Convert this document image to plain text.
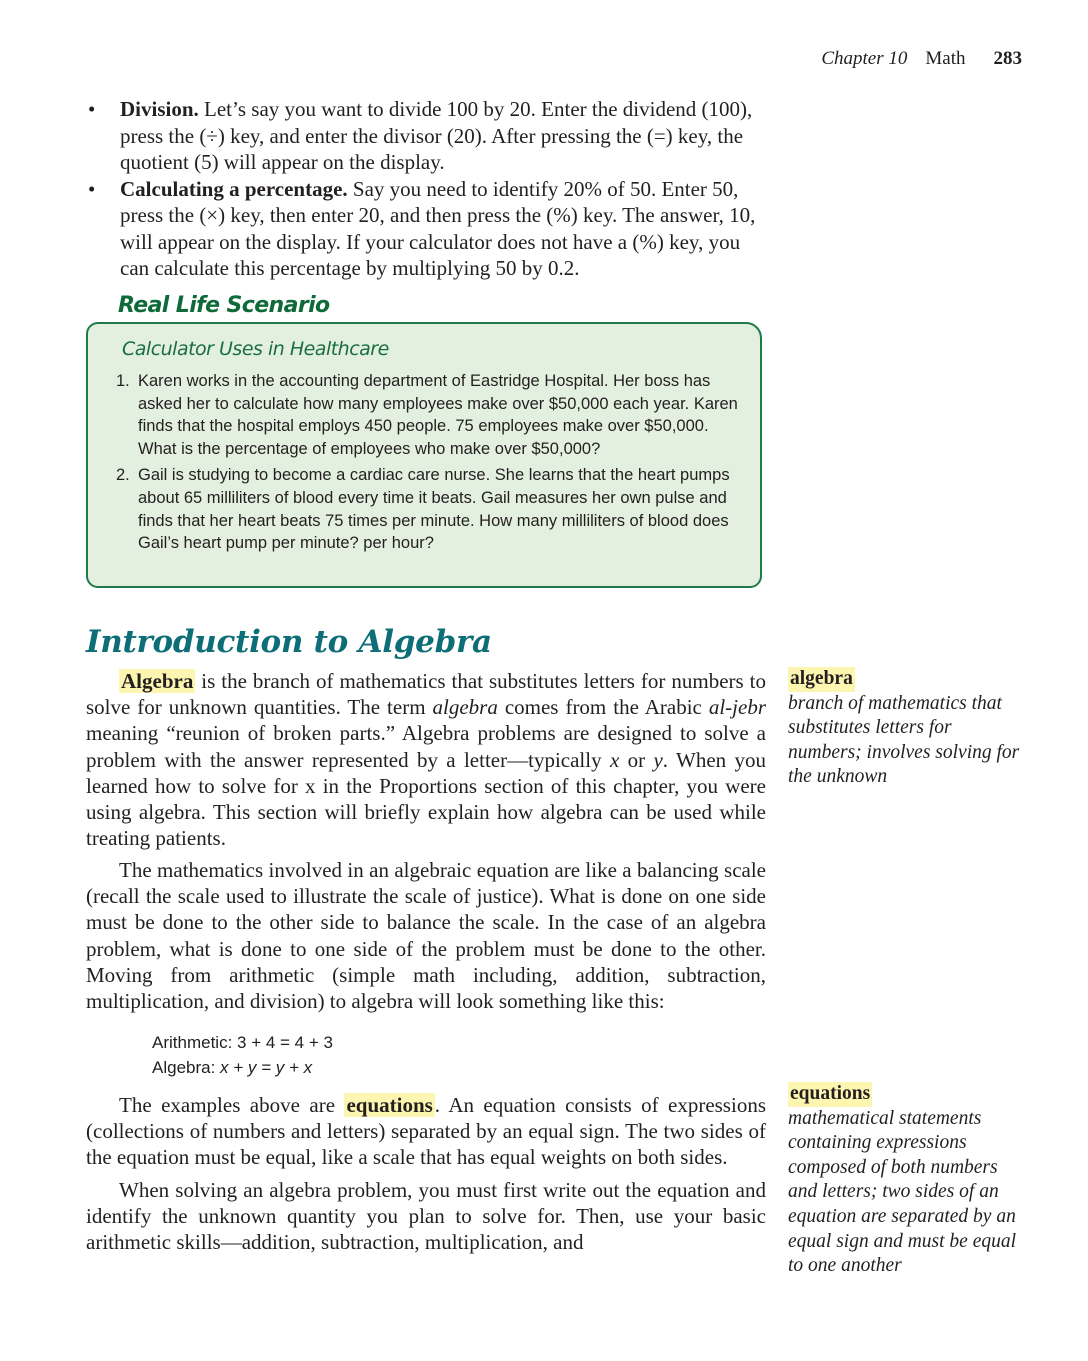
Chapter 10 Math 283
• Division. Let’s say you want to divide 100 by 20. Enter the dividend (100), press the (÷) key, and enter the divisor (20). After pressing the (=) key, the quotient (5) will appear on the display.
• Calculating a percentage. Say you need to identify 20% of 50. Enter 50, press the (×) key, then enter 20, and then press the (%) key. The answer, 10, will appear on the display. If your calculator does not have a (%) key, you can calculate this percentage by multiplying 50 by 0.2.
Real Life Scenario
Calculator Uses in Healthcare
1. Karen works in the accounting department of Eastridge Hospital. Her boss has asked her to calculate how many employees make over $50,000 each year. Karen finds that the hospital employs 450 people. 75 employees make over $50,000. What is the percentage of employees who make over $50,000?
2. Gail is studying to become a cardiac care nurse. She learns that the heart pumps about 65 milliliters of blood every time it beats. Gail measures her own pulse and finds that her heart beats 75 times per minute. How many milliliters of blood does Gail’s heart pump per minute? per hour?
Introduction to Algebra

Algebra is the branch of mathematics that substitutes letters for numbers to solve for unknown quantities. The term algebra comes from the Arabic al-jebr meaning “reunion of broken parts.” Algebra problems are designed to solve a problem with the answer represented by a letter—typically x or y. When you learned how to solve for x in the Proportions section of this chapter, you were using algebra. This section will briefly explain how algebra can be used while treating patients.

The mathematics involved in an algebraic equation are like a balancing scale (recall the scale used to illustrate the scale of justice). What is done on one side must be done to the other side to balance the scale. In the case of an algebra problem, what is done to one side of the problem must be done to the other. Moving from arithmetic (simple math including, addition, subtraction, multiplication, and division) to algebra will look something like this:

Arithmetic: 3 + 4 = 4 + 3
Algebra: x + y = y + x

The examples above are equations. An equation consists of expressions (collections of numbers and letters) separated by an equal sign. The two sides of the equation must be equal, like a scale that has equal weights on both sides.

When solving an algebra problem, you must first write out the equation and identify the unknown quantity you plan to solve for. Then, use your basic arithmetic skills—addition, subtraction, multiplication, and

algebra
branch of mathematics that substitutes letters for numbers; involves solving for the unknown
equations
mathematical statements containing expressions composed of both numbers and letters; two sides of an equation are separated by an equal sign and must be equal to one another
